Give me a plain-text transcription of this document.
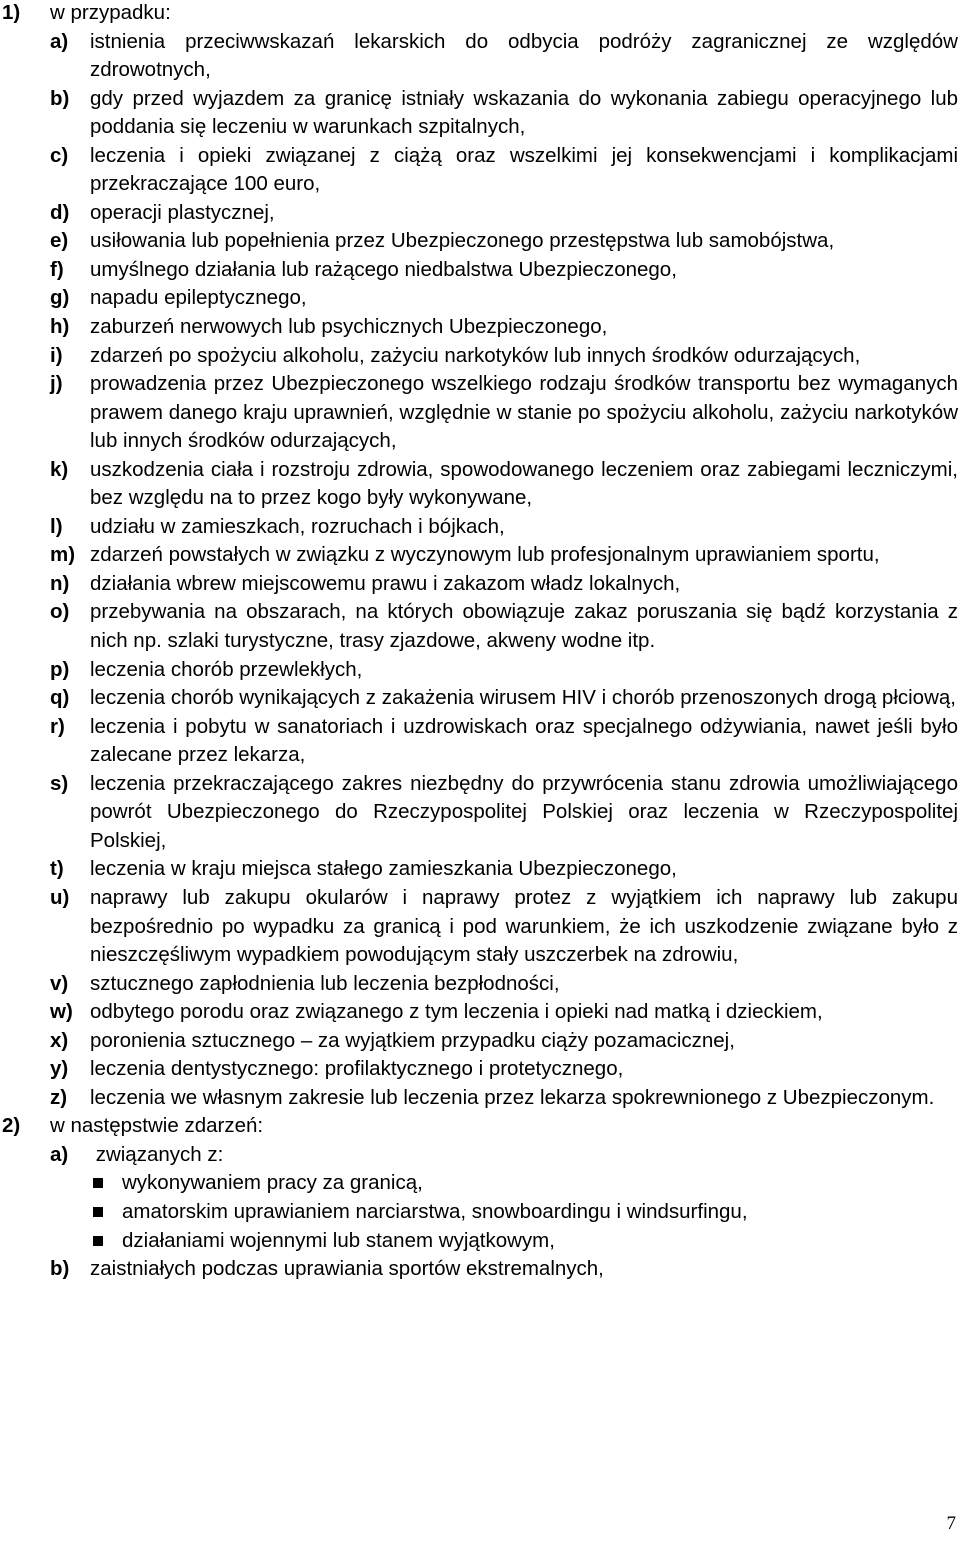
1)	w przypadku:
a)	istnienia przeciwwskazań lekarskich do odbycia podróży zagranicznej ze względów zdrowotnych,
b)	gdy przed wyjazdem za granicę istniały wskazania do wykonania zabiegu operacyjnego lub poddania się leczeniu w warunkach szpitalnych,
c)	leczenia i opieki związanej z ciążą oraz wszelkimi jej konsekwencjami i komplikacjami przekraczające 100 euro,
d)	operacji plastycznej,
e)	usiłowania lub popełnienia przez Ubezpieczonego przestępstwa lub samobójstwa,
f)	umyślnego działania lub rażącego niedbalstwa Ubezpieczonego,
g)	napadu epileptycznego,
h)	zaburzeń nerwowych lub psychicznych Ubezpieczonego,
i)	zdarzeń po spożyciu alkoholu, zażyciu narkotyków lub innych środków odurzających,
j)	prowadzenia przez Ubezpieczonego wszelkiego rodzaju środków transportu bez wymaganych prawem danego kraju uprawnień, względnie w stanie po spożyciu alkoholu, zażyciu narkotyków lub innych środków odurzających,
k)	uszkodzenia ciała i rozstroju zdrowia, spowodowanego leczeniem oraz zabiegami leczniczymi, bez względu na to przez kogo były wykonywane,
l)	udziału w zamieszkach, rozruchach i bójkach,
m) zdarzeń powstałych w związku z wyczynowym lub profesjonalnym uprawianiem sportu,
n)	działania wbrew miejscowemu prawu i zakazom władz lokalnych,
o)	przebywania na obszarach, na których obowiązuje zakaz poruszania się bądź korzystania z nich np. szlaki turystyczne, trasy zjazdowe, akweny wodne itp.
p)	leczenia chorób przewlekłych,
q)	leczenia chorób wynikających z zakażenia wirusem HIV i chorób przenoszonych drogą płciową,
r)	leczenia i pobytu w sanatoriach i uzdrowiskach oraz specjalnego odżywiania, nawet jeśli było zalecane przez lekarza,
s)	leczenia przekraczającego zakres niezbędny do przywrócenia stanu zdrowia umożliwiającego powrót Ubezpieczonego do Rzeczypospolitej Polskiej oraz leczenia w Rzeczypospolitej Polskiej,
t)	leczenia w kraju miejsca stałego zamieszkania Ubezpieczonego,
u)	naprawy lub zakupu okularów i naprawy protez z wyjątkiem ich naprawy lub zakupu bezpośrednio po wypadku za granicą i pod warunkiem, że ich uszkodzenie związane było z nieszczęśliwym wypadkiem powodującym stały uszczerbek na zdrowiu,
v)	sztucznego zapłodnienia lub leczenia bezpłodności,
w) odbytego porodu oraz związanego z tym leczenia i opieki nad matką i dzieckiem,
x)	poronienia sztucznego – za wyjątkiem przypadku ciąży pozamacicznej,
y)	leczenia dentystycznego: profilaktycznego i protetycznego,
z)	leczenia we własnym zakresie lub leczenia przez lekarza spokrewnionego z Ubezpieczonym.
2)	w następstwie zdarzeń:
a)	związanych z:
wykonywaniem pracy za granicą,
amatorskim uprawianiem narciarstwa, snowboardingu i windsurfingu,
działaniami wojennymi lub stanem wyjątkowym,
b)	zaistniałych podczas uprawiania sportów ekstremalnych,
7
